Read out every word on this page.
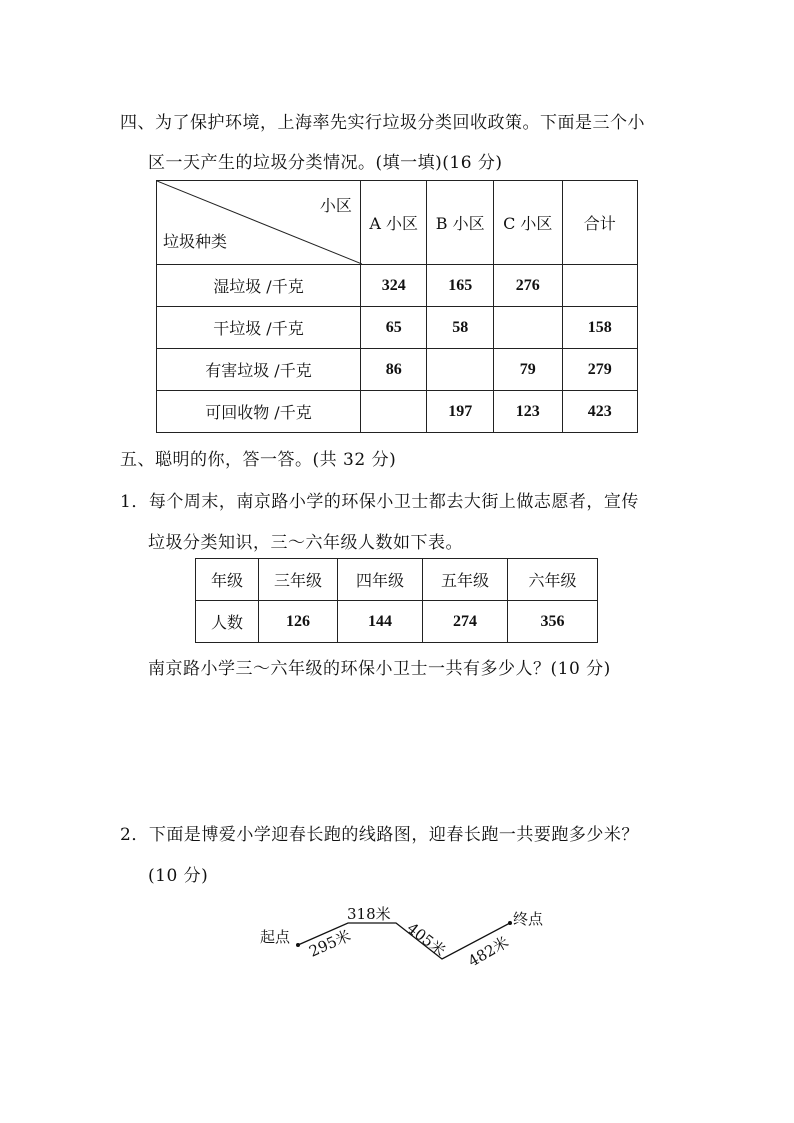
四、为了保护环境，上海率先实行垃圾分类回收政策。下面是三个小
区一天产生的垃圾分类情况。(填一填)(16 分)
小区
垃圾种类	A 小区	B 小区	C 小区	合计
湿垃圾 /千克	324	165	276	
干垃圾 /千克	65	58		158
有害垃圾 /千克	86		79	279
可回收物 /千克		197	123	423
五、聪明的你，答一答。(共 32 分)
1．每个周末，南京路小学的环保小卫士都去大街上做志愿者，宣传
垃圾分类知识，三～六年级人数如下表。
年级	三年级	四年级	五年级	六年级
人数	126	144	274	356
南京路小学三～六年级的环保小卫士一共有多少人？(10 分)
2．下面是博爱小学迎春长跑的线路图，迎春长跑一共要跑多少米？
(10 分)
起点
终点
295米
318米
405米 482米
